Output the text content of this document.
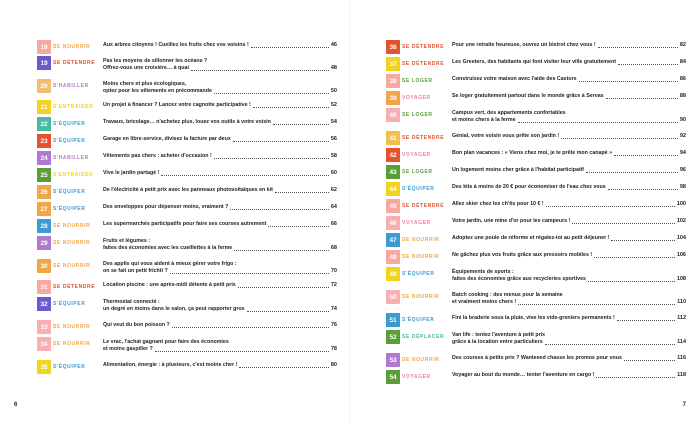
18	SE NOURRIR	Aux arbres citoyens ! Cueillez les fruits chez vos voisins !	46
19	SE DÉTENDRE	Pas les moyens de sillonner les océans ?
Offrez-vous une croisière… à quai	48
20	S'HABILLER	Moins chers et plus écologiques,
optez pour les vêtements en précommande	50
21	S'ENTRAIDER	Un projet à financer ? Lancez votre cagnotte participative !	52
22	S'ÉQUIPER	Travaux, bricolage… n'achetez plus, louez vos outils à votre voisin	54
23	S'ÉQUIPER	Garage en libre-service, divisez la facture par deux	56
24	S'HABILLER	Vêtements pas chers : acheter d'occasion !	58
25	S'ENTRAIDER	Vive le jardin partagé !	60
26	S'ÉQUIPER	De l'électricité à petit prix avec les panneaux photovoltaïques en kit	62
27	S'ÉQUIPER	Des enveloppes pour dépenser moins, vraiment ?	64
28	SE NOURRIR	Les supermarchés participatifs pour faire ses courses autrement	66
29	SE NOURRIR	Fruits et légumes :
faites des économies avec les cueillettes à la ferme	68
30	SE NOURRIR	Des applis qui vous aident à mieux gérer votre frigo :
on se fait un petit frichti ?	70
31	SE DÉTENDRE	Location piscine : une après-midi détente à petit prix	72
32	S'ÉQUIPER	Thermostat connecté :
un degré en moins dans le salon, ça peut rapporter gros	74
33	SE NOURRIR	Qui veut du bon poisson ?	76
34	SE NOURRIR	Le vrac, l'achat gagnant pour faire des économies
et moins gaspiller ?	78
35	S'ÉQUIPER	Alimentation, énergie : à plusieurs, c'est moins cher !	80
36	SE DÉTENDRE	Pour une retraite heureuse, ouvrez un bistrot chez vous !	82
37	SE DÉTENDRE	Les Greeters, des habitants qui font visiter leur ville gratuitement	84
38	SE LOGER	Construisez votre maison avec l'aide des Castors	86
39	VOYAGER	Se loger gratuitement partout dans le monde grâce à Servas	88
40	SE LOGER	Campus vert, des appartements confortables
et moins chers à la ferme	90
41	SE DÉTENDRE	Génial, votre voisin vous prête son jardin !	92
42	VOYAGER	Bon plan vacances : « Viens chez moi, je te prête mon canapé »	94
43	SE LOGER	Un logement moins cher grâce à l'habitat participatif	96
44	S'ÉQUIPER	Des kits à moins de 20 € pour économiser de l'eau chez vous	98
45	SE DÉTENDRE	Allez skier chez les ch'tis pour 10 € !	100
46	VOYAGER	Votre jardin, une mine d'or pour les campeurs !	102
47	SE NOURRIR	Adoptez une poule de réforme et régalez-toi au petit déjeuner !	104
48	SE NOURRIR	Ne gâchez plus vos fruits grâce aux pressoirs mobiles !	106
49	S'ÉQUIPER	Équipements de sports :
faites des économies grâce aux recycleries sportives	108
50	SE NOURRIR	Batch cooking : des menus pour la semaine
et vraiment moins chers !	110
51	S'ÉQUIPER	Fini la braderie sous la pluie, vive les vide-greniers permanents !	112
52	SE DÉPLACER	Van life : tentez l'aventure à petit prix
grâce à la location entre particuliers	114
53	SE NOURRIR	Des courses à petits prix ? Wanteeed chasse les promos pour vous	116
54	VOYAGER	Voyager au bout du monde… tenter l'aventure en cargo !	118
6	7
